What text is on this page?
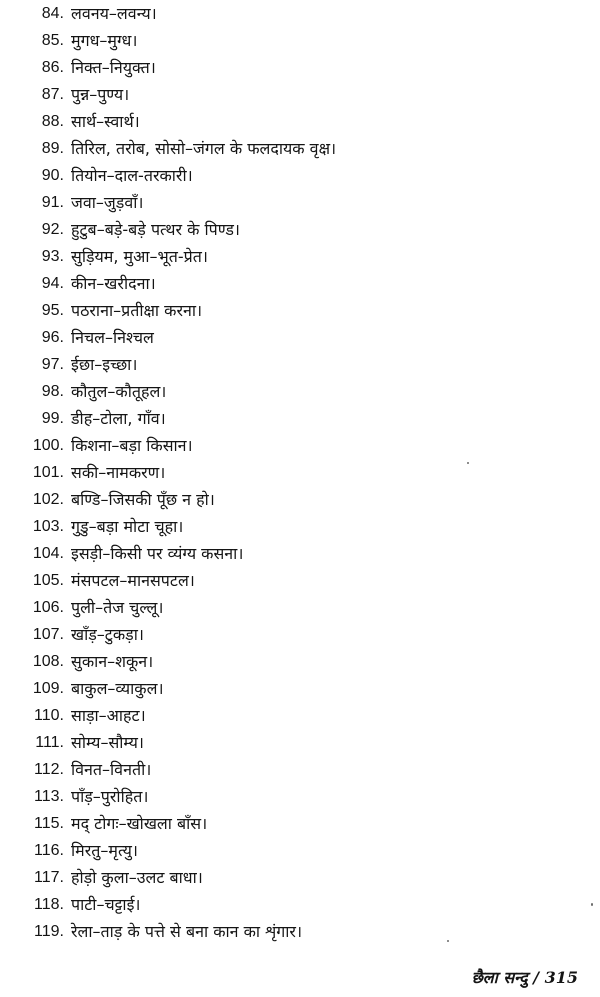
84. लवनय–लवन्य।
85. मुगध–मुग्ध।
86. निक्त–नियुक्त।
87. पुन्न–पुण्य।
88. सार्थ–स्वार्थ।
89. तिरिल, तरोब, सोसो–जंगल के फलदायक वृक्ष।
90. तियोन–दाल-तरकारी।
91. जवा–जुड़वाँ।
92. हुटुब–बड़े-बड़े पत्थर के पिण्ड।
93. सुड़ियम, मुआ–भूत-प्रेत।
94. कीन–खरीदना।
95. पठराना–प्रतीक्षा करना।
96. निचल–निश्चल
97. ईछा–इच्छा।
98. कौतुल–कौतूहल।
99. डीह–टोला, गाँव।
100. किशना–बड़ा किसान।
101. सकी–नामकरण।
102. बण्डि–जिसकी पूँछ न हो।
103. गुडु–बड़ा मोटा चूहा।
104. इसड़ी–किसी पर व्यंग्य कसना।
105. मंसपटल–मानसपटल।
106. पुली–तेज चुल्लू।
107. खाँड़–टुकड़ा।
108. सुकान–शकून।
109. बाकुल–व्याकुल।
110. साड़ा–आहट।
111. सोम्य–सौम्य।
112. विनत–विनती।
113. पाँड़–पुरोहित।
115. मद् टोगः–खोखला बाँस।
116. मिरतु–मृत्यु।
117. होड़ो कुला–उलट बाधा।
118. पाटी–चट्टाई।
119. रेला–ताड़ के पत्ते से बना कान का शृंगार।
छैला सन्दु / 315
